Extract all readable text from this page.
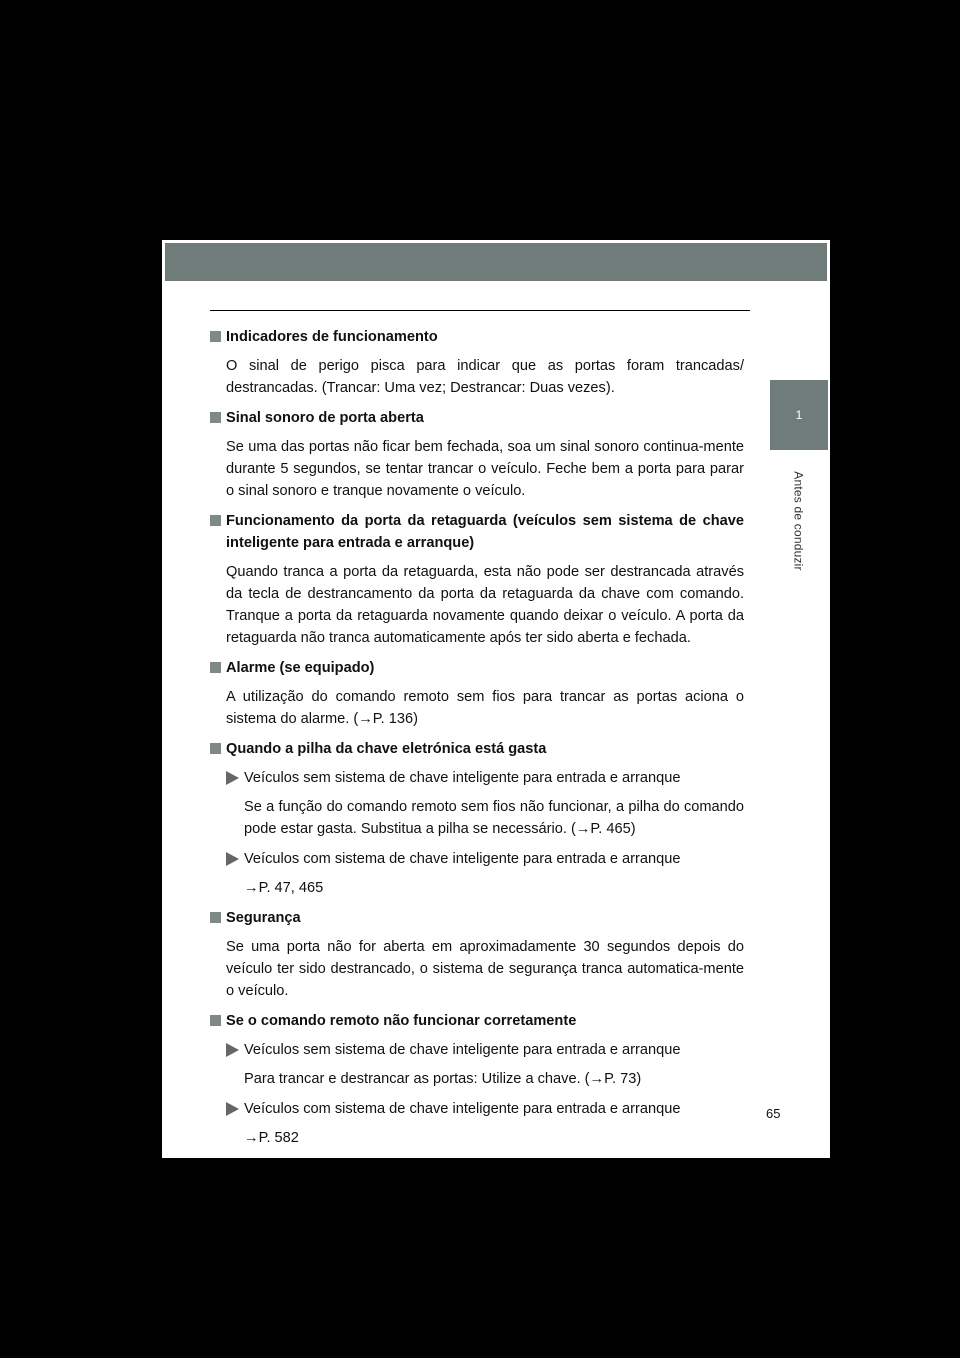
1
Antes de conduzir
Indicadores de funcionamento
O sinal de perigo pisca para indicar que as portas foram trancadas/ destrancadas. (Trancar: Uma vez; Destrancar: Duas vezes).
Sinal sonoro de porta aberta
Se uma das portas não ficar bem fechada, soa um sinal sonoro continua-mente durante 5 segundos, se tentar trancar o veículo. Feche bem a porta para parar o sinal sonoro e tranque novamente o veículo.
Funcionamento da porta da retaguarda (veículos sem sistema de chave inteligente para entrada e arranque)
Quando tranca a porta da retaguarda, esta não pode ser destrancada através da tecla de destrancamento da porta da retaguarda da chave com comando. Tranque a porta da retaguarda novamente quando deixar o veículo. A porta da retaguarda não tranca automaticamente após ter sido aberta e fechada.
Alarme (se equipado)
A utilização do comando remoto sem fios para trancar as portas aciona o sistema do alarme. (→P. 136)
Quando a pilha da chave eletrónica está gasta
Veículos sem sistema de chave inteligente para entrada e arranque
Se a função do comando remoto sem fios não funcionar, a pilha do comando pode estar gasta. Substitua a pilha se necessário. (→P. 465)
Veículos com sistema de chave inteligente para entrada e arranque
→P. 47, 465
Segurança
Se uma porta não for aberta em aproximadamente 30 segundos depois do veículo ter sido destrancado, o sistema de segurança tranca automatica-mente o veículo.
Se o comando remoto não funcionar corretamente
Veículos sem sistema de chave inteligente para entrada e arranque
Para trancar e destrancar as portas: Utilize a chave. (→P. 73)
Veículos com sistema de chave inteligente para entrada e arranque
→P. 582
65
